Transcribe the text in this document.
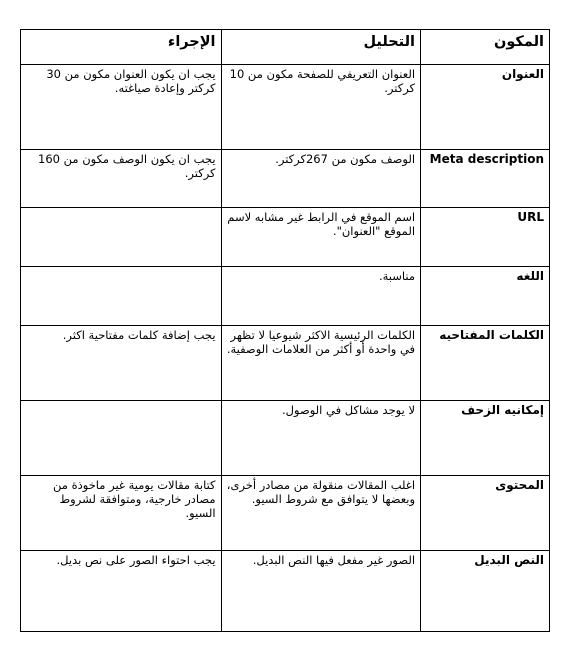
المكون	التحليل	الإجراء
العنوان	العنوان التعريفي للصفحة مكون من 10 كركتر.	يجب ان يكون العنوان مكون من 30 كركتر وإعادة صياغته.
Meta description	الوصف مكون من 267كركتر.	يجب ان يكون الوصف مكون من 160 كركتر.
URL	اسم الموقع في الرابط غير مشابه لاسم الموقع "العنوان".	
اللغه	مناسبة.	
الكلمات المفتاحيه	الكلمات الرئيسية الاكثر شيوعيا لا تظهر في واحدة أو أكثر من العلامات الوصفية.	يجب إضافة كلمات مفتاحية اكثر.
إمكانيه الزحف	لا يوجد مشاكل في الوصول.	
المحتوى	اغلب المقالات منقولة من مصادر أخرى، وبعضها لا يتوافق مع شروط السيو.	كتابة مقالات يومية غير ماخوذة من مصادر خارجية، ومتوافقة لشروط السيو.
النص البديل	الصور غير مفعل فيها النص البديل.	يجب احتواء الصور على نص بديل.
